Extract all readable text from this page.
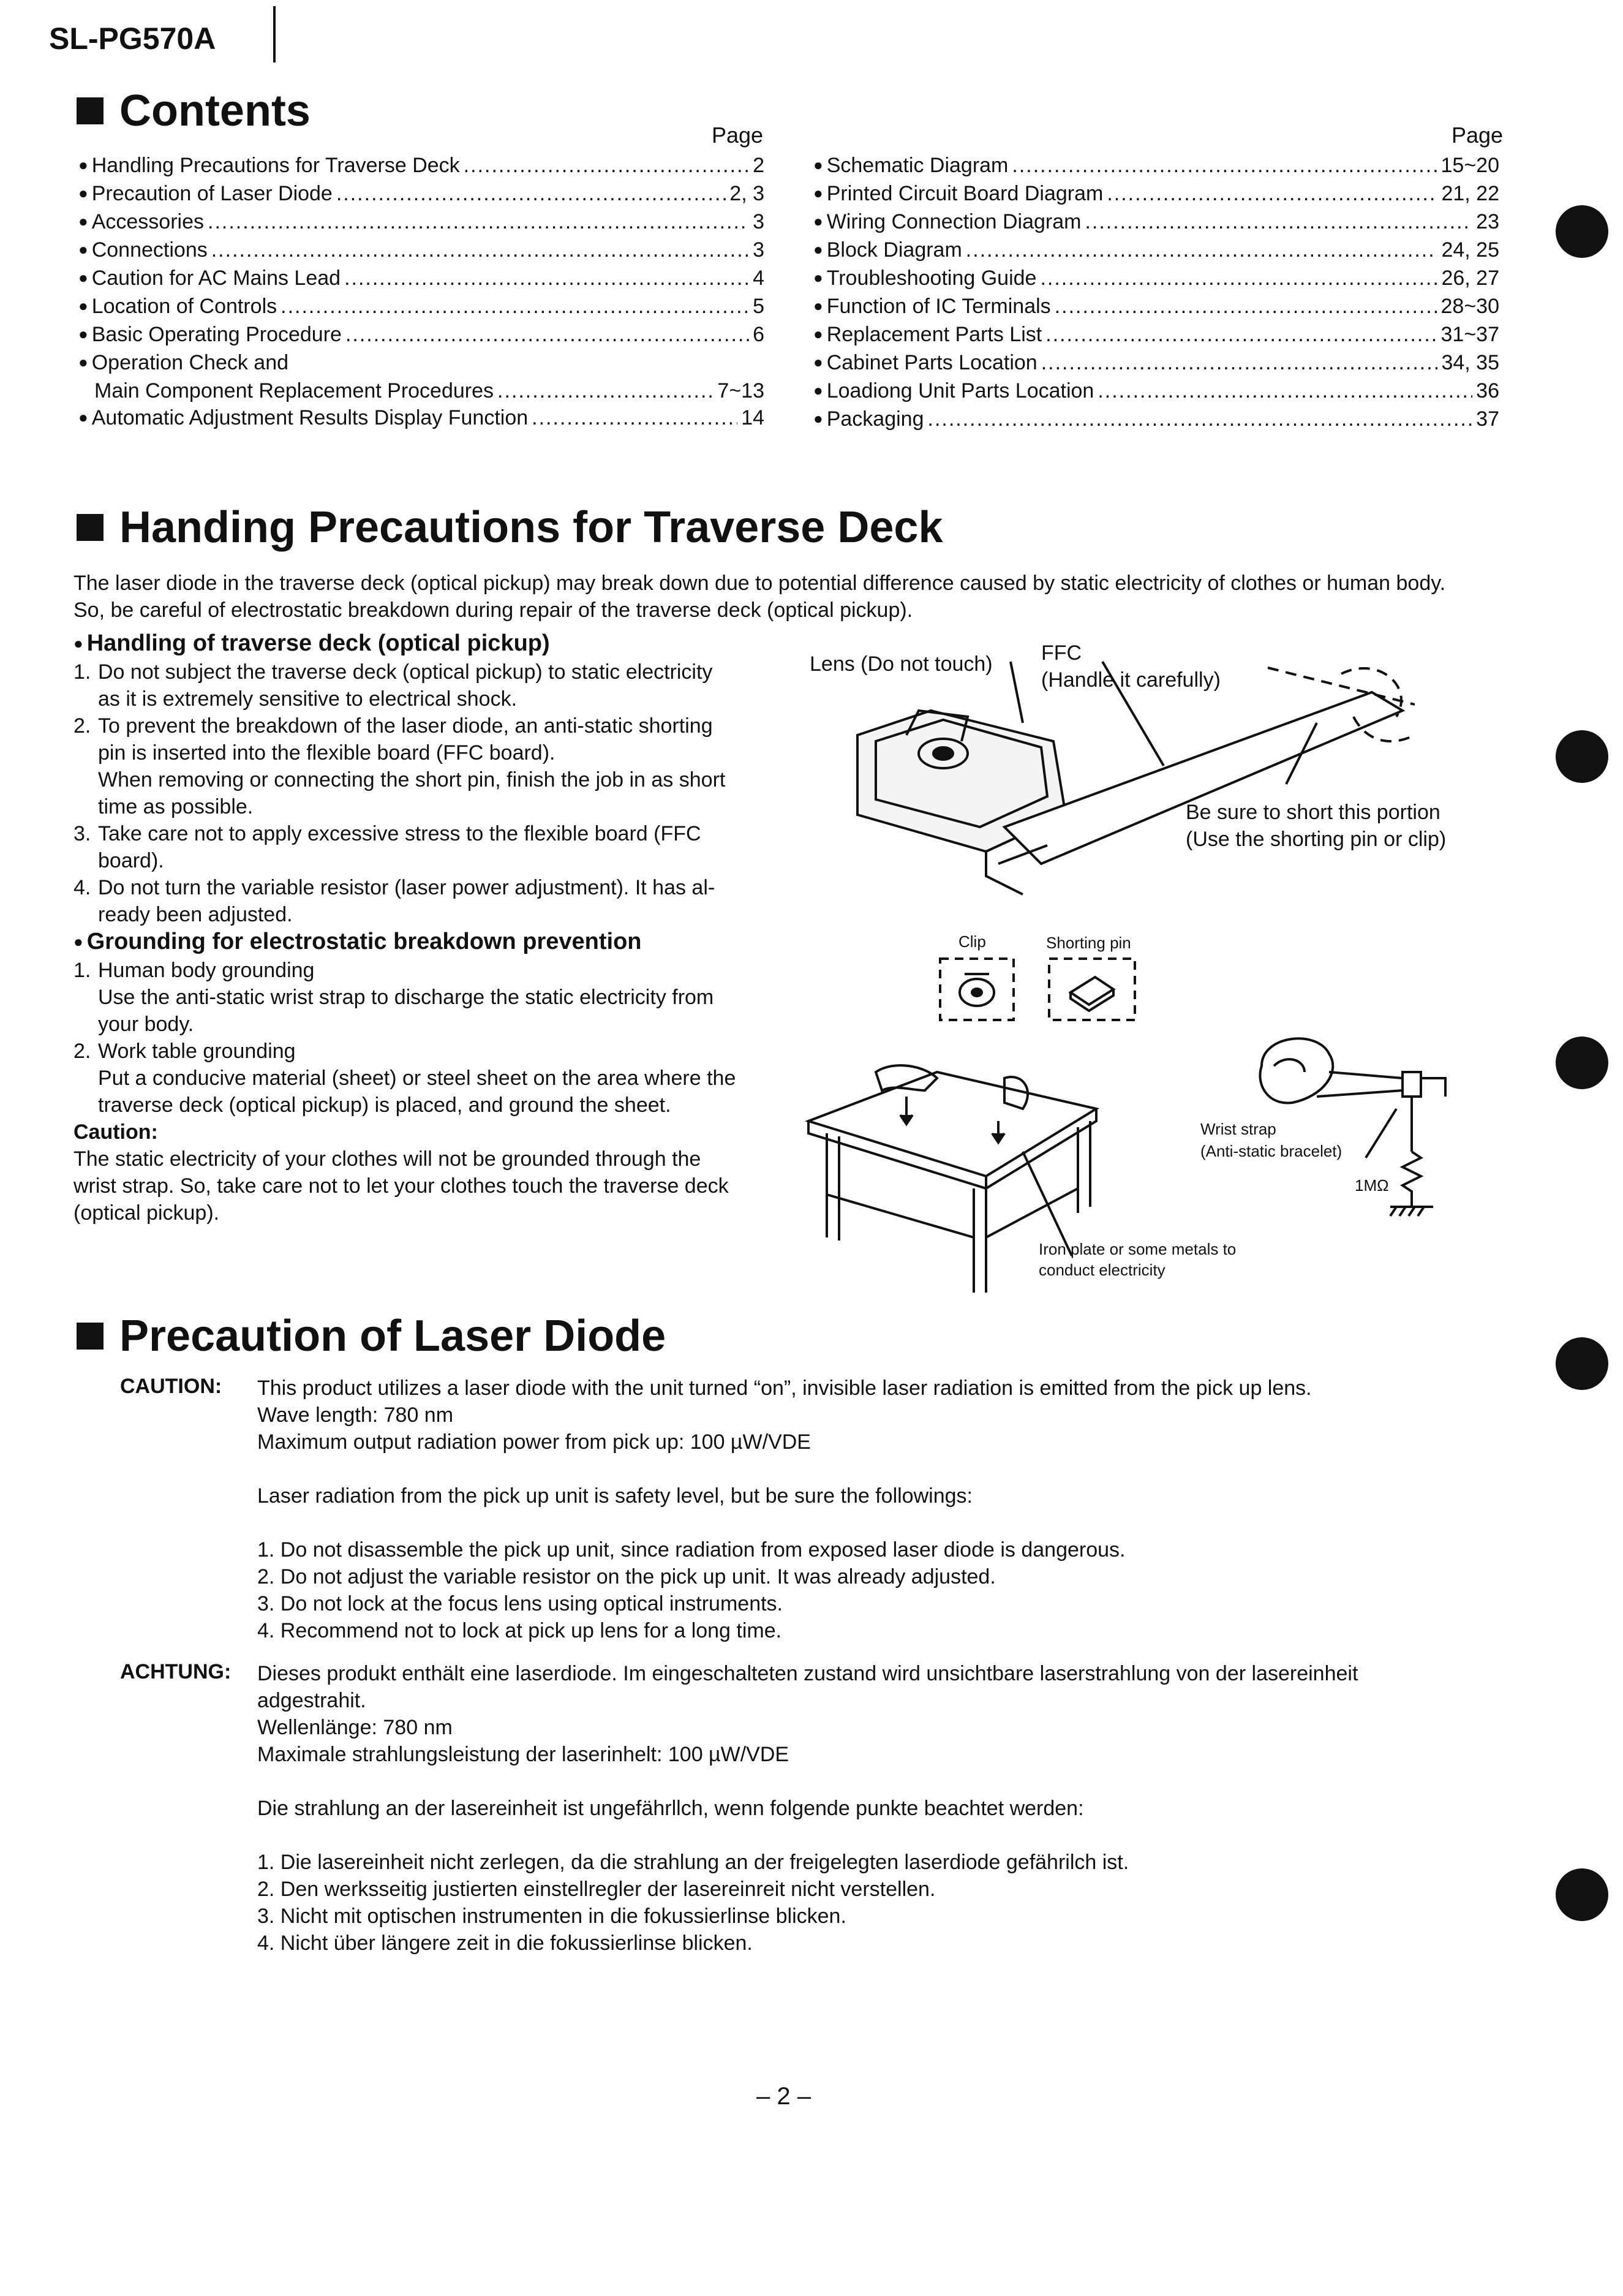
SL-PG570A
Contents	Page	Page
● Handling Precautions for Traverse Deck .....	2
● Precaution of Laser Diode .....	2, 3
● Accessories .....	3
● Connections .....	3
● Caution for AC Mains Lead .....	4
● Location of Controls .....	5
● Basic Operating Procedure .....	6
● Operation Check and
Main Component Replacement Procedures .....	7~13
● Automatic Adjustment Results Display Function .....	14
● Schematic Diagram .....	15~20
● Printed Circuit Board Diagram .....	21, 22
● Wiring Connection Diagram .....	23
● Block Diagram .....	24, 25
● Troubleshooting Guide .....	26, 27
● Function of IC Terminals .....	28~30
● Replacement Parts List .....	31~37
● Cabinet Parts Location .....	34, 35
● Loadiong Unit Parts Location .....	36
● Packaging .....	37
Handing Precautions for Traverse Deck
The laser diode in the traverse deck (optical pickup) may break down due to potential difference caused by static electricity of clothes or human body.
So, be careful of electrostatic breakdown during repair of the traverse deck (optical pickup).
● Handling of traverse deck (optical pickup)
1. Do not subject the traverse deck (optical pickup) to static electricity
as it is extremely sensitive to electrical shock.
2. To prevent the breakdown of the laser diode, an anti-static shorting
pin is inserted into the flexible board (FFC board).
When removing or connecting the short pin, finish the job in as short
time as possible.
3. Take care not to apply excessive stress to the flexible board (FFC
board).
4. Do not turn the variable resistor (laser power adjustment). It has al-
ready been adjusted.
● Grounding for electrostatic breakdown prevention
1. Human body grounding
Use the anti-static wrist strap to discharge the static electricity from
your body.
2. Work table grounding
Put a conducive material (sheet) or steel sheet on the area where the
traverse deck (optical pickup) is placed, and ground the sheet.
Caution:
The static electricity of your clothes will not be grounded through the
wrist strap. So, take care not to let your clothes touch the traverse deck
(optical pickup).
Lens (Do not touch) FFC
(Handle it carefully)
Be sure to short this portion
(Use the shorting pin or clip)
Clip	Shorting pin
Iron plate or some metals to
conduct electricity
Wrist strap
(Anti-static bracelet)
1MΩ
Precaution of Laser Diode
CAUTION: This product utilizes a laser diode with the unit turned “on”, invisible laser radiation is emitted from the pick up lens.
Wave length: 780 nm
Maximum output radiation power from pick up: 100 µW/VDE
Laser radiation from the pick up unit is safety level, but be sure the followings:
1. Do not disassemble the pick up unit, since radiation from exposed laser diode is dangerous.
2. Do not adjust the variable resistor on the pick up unit. It was already adjusted.
3. Do not lock at the focus lens using optical instruments.
4. Recommend not to lock at pick up lens for a long time.
ACHTUNG: Dieses produkt enthält eine laserdiode. Im eingeschalteten zustand wird unsichtbare laserstrahlung von der lasereinheit
adgestrahit.
Wellenlänge: 780 nm
Maximale strahlungsleistung der laserinhelt: 100 µW/VDE
Die strahlung an der lasereinheit ist ungefährllch, wenn folgende punkte beachtet werden:
1. Die lasereinheit nicht zerlegen, da die strahlung an der freigelegten laserdiode gefährilch ist.
2. Den werksseitig justierten einstellregler der lasereinreit nicht verstellen.
3. Nicht mit optischen instrumenten in die fokussierlinse blicken.
4. Nicht über längere zeit in die fokussierlinse blicken.
– 2 –
